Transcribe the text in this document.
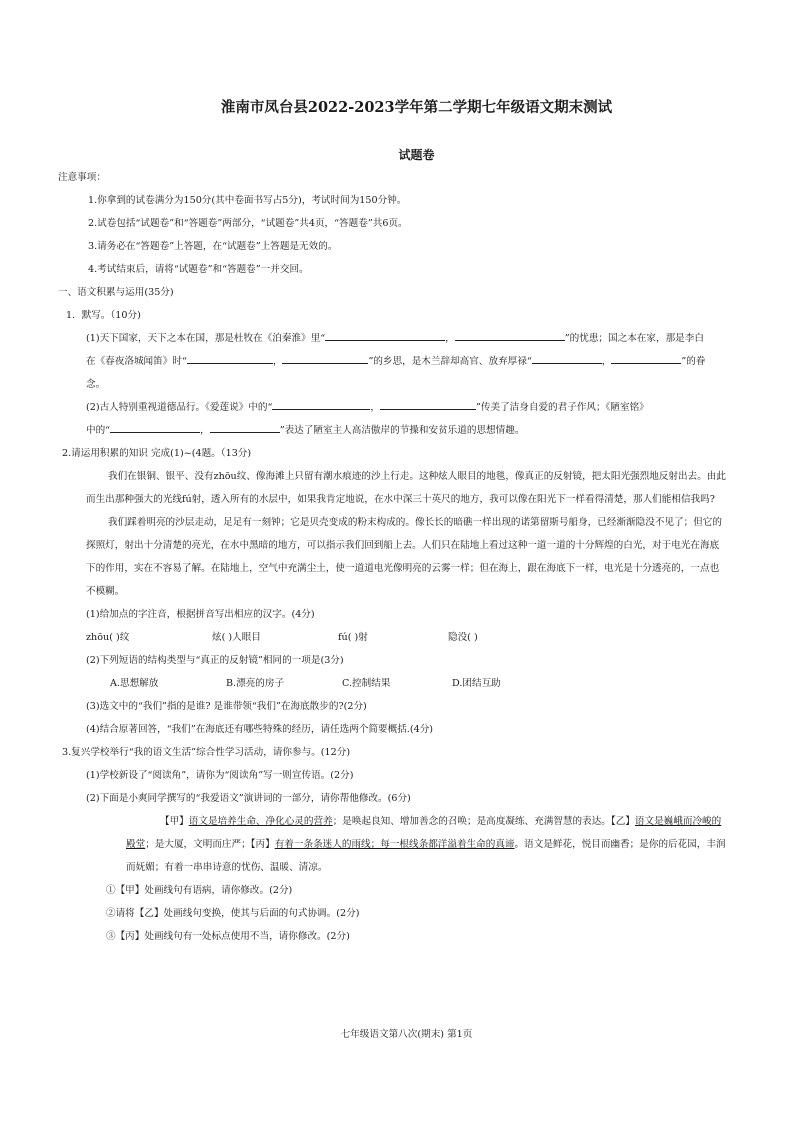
淮南市凤台县2022-2023学年第二学期七年级语文期末测试
试题卷
注意事项：
1.你拿到的试卷满分为150分(其中卷面书写占5分)，考试时间为150分钟。
2.试卷包括“试题卷”和“答题卷”两部分，“试题卷”共4页，“答题卷”共6页。
3.请务必在“答题卷”上答题，在“试题卷”上答题是无效的。
4.考试结束后，请将“试题卷”和“答题卷”一并交回。
一、语文积累与运用(35分)
1．默写。（10分)
(1)天下国家，天下之本在国，那是杜牧在《泊秦淮》里“	，	”的忧患；国之本在家，那是李白
在《春夜洛城闻笛》时“	，	”的乡思，是木兰辞却高官、放弃厚禄“	，	”的眷
念。
(2)古人特别重视道德品行。《爱莲说》中的“	，	”传美了洁身自爱的君子作风；《陋室铭》
中的“	，	”表达了陋室主人高洁傲岸的节操和安贫乐道的思想情趣。
2.请运用积累的知识 完成(1)~(4题。（13分)
我们在银铜、银平、没有zhōu纹、像海滩上只留有潮水痕迹的沙上行走。这种炫人眼目的地毯，像真正的反射镜，把太阳光强烈地反射出去。由此而生出那种强大的光线fú射，透入所有的水层中，如果我肯定地说，在水中深三十英尺的地方，我可以像在阳光下一样看得清楚，那人们能相信我吗?
我们踩着明亮的沙层走动，足足有一刻钟；它是贝壳变成的粉末构成的。像长长的暗礁一样出现的诺第留斯号船身，已经渐渐隐没不见了；但它的探照灯，射出十分清楚的亮光，在水中黑暗的地方，可以指示我们回到船上去。人们只在陆地上看过这种一道一道的十分辉煌的白光，对于电光在海底下的作用，实在不容易了解。在陆地上，空气中充满尘土，使一道道电光像明亮的云雾一样；但在海上，跟在海底下一样，电光是十分透亮的，一点也不模糊。
(1)给加点的字注音，根据拼音写出相应的汉字。(4分)
zhōu( )纹	炫( )人眼目	fú( )射	隐没( )
(2)下列短语的结构类型与“真正的反射镜”相同的一项是(3分)
A.思想解放	B.漂亮的房子	C.控制结果	D.团结互助
(3)选文中的“我们”指的是谁? 是谁带领“我们”在海底散步的?(2分)
(4)结合原著回答，“我们”在海底还有哪些特殊的经历，请任选两个简要概括.(4分)
3.复兴学校举行“我的语文生活”综合性学习活动，请你参与。(12分)
(1)学校新设了“阅读角”，请你为“阅读角”写一则宣传语。(2分)
(2)下面是小爽同学撰写的“我爱语文”演讲词的一部分，请你帮他修改。(6分)
【甲】语文是培养生命、净化心灵的营养；是唤起良知、增加善念的召唤；是高度凝练、充满智慧的表达。【乙】语文是巍峨而冷峻的殿堂；是大厦，文明而庄严；【丙】有着一条条迷人的雨线；每一根线条都洋溢着生命的真谛。语文是鲜花，悦目而幽香；是你的后花园，丰润而妩媚；有着一串串诗意的忧伤、温暖、清凉。
①【甲】处画线句有语病，请你修改。(2分)
②请将【乙】处画线句变换，使其与后面的句式协调。(2分)
③【丙】处画线句有一处标点使用不当，请你修改。(2分)
七年级语文第八次(期末) 第1页
